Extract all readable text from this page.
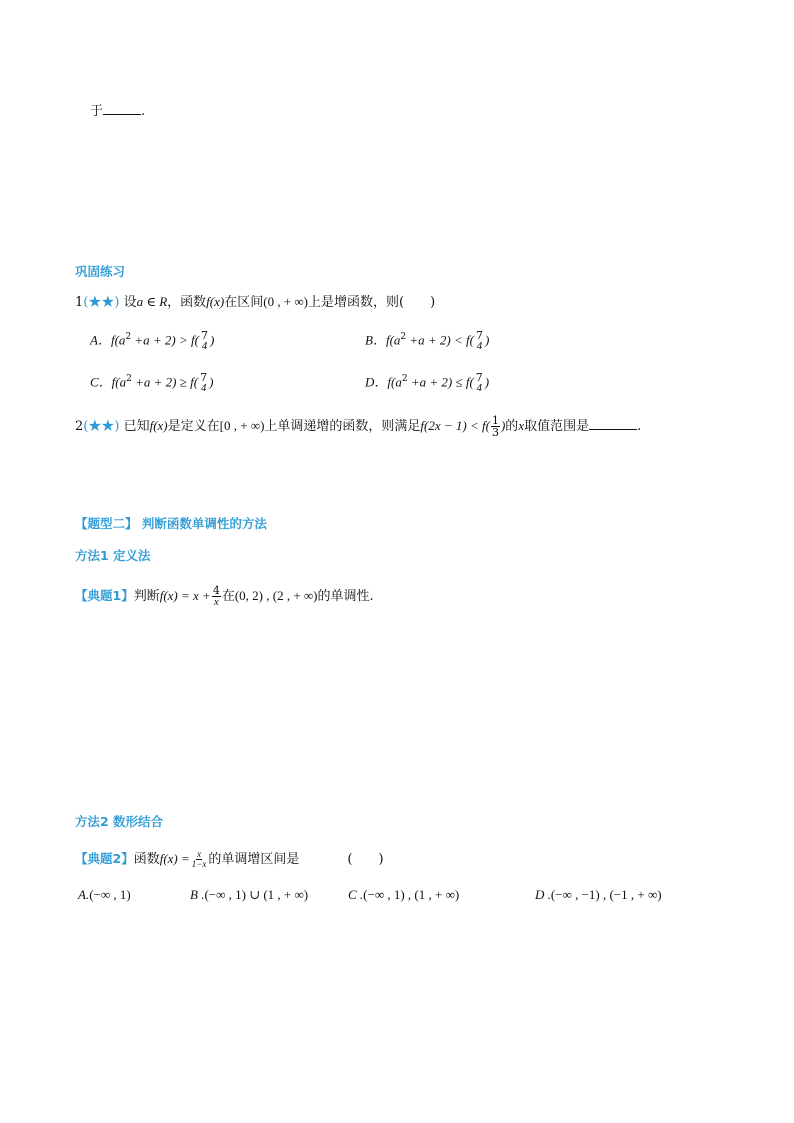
于	.
巩固练习
1(★★) 设a ∈ R，函数f(x)在区间(0 , + ∞)上是增函数，则(　　)
A．$f(a^2 +a + 2) > f$( 7
4 )	B．$f(a^2 +a + 2) < f$( 7
4 )
C．$f(a^2 +a + 2) \ge f$( 7
4 )	D．$f(a^2 +a + 2) \le f$( 7
4 )
2(★★) 已知f(x)是定义在[0 , + ∞)上单调递增的函数，则满足$f(2x - 1) < f( \frac{1}{3}$ )的x取值范围是	.
【题型二】 判断函数单调性的方法
方法1 定义法
【典题1】判断$f(x) = x + \frac{4}{x}$ 在(0, 2) , (2 , + ∞)的单调性.
方法2 数形结合
【典题2】函数$f(x) = \frac{x}{1-x}$ 的单调增区间是	(　　)
A.(−∞ , 1)	B .(−∞ , 1) ∪ (1 , + ∞)	C .(−∞ , 1) , (1 , + ∞)	D .(−∞ , −1) , (−1 , + ∞)
